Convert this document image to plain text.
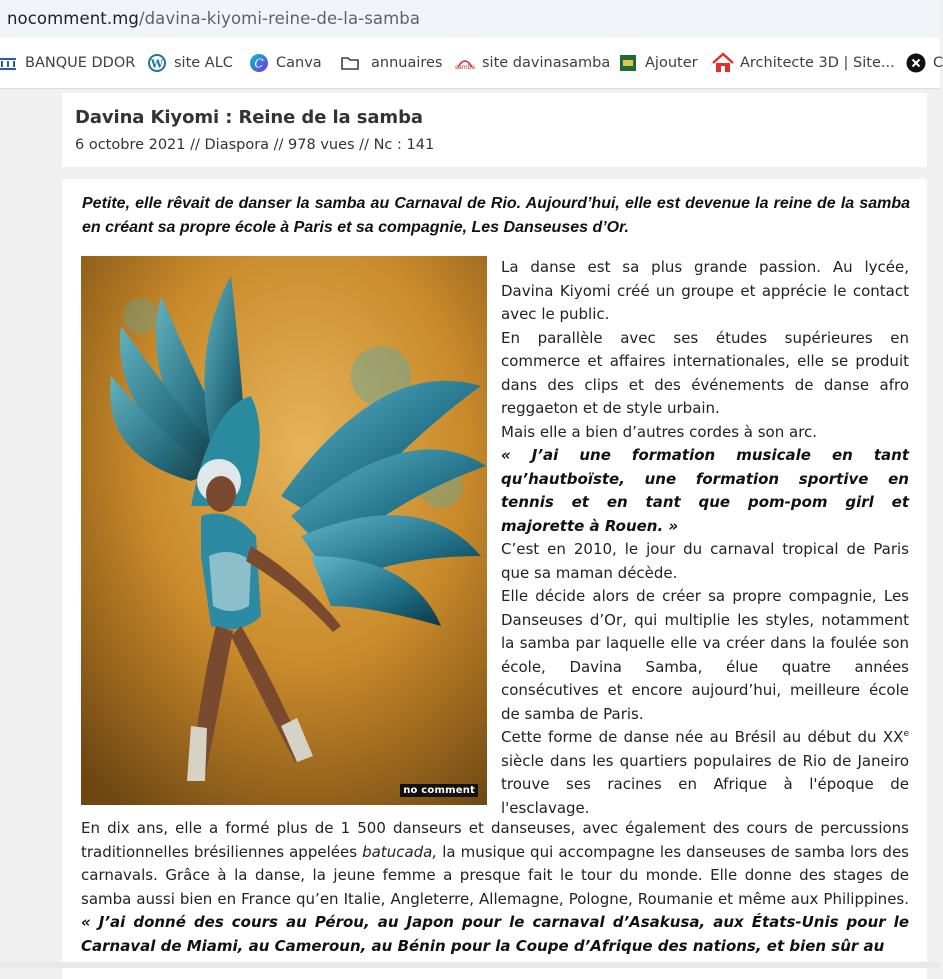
nocomment.mg/davina-kiyomi-reine-de-la-samba
BANQUE DDOR W site ALC C Canva	annuaires samba site davinasamba Ajouter	Architecte 3D | Site...	C
Davina Kiyomi : Reine de la samba
6 octobre 2021 // Diaspora // 978 vues // Nc : 141
Petite, elle rêvait de danser la samba au Carnaval de Rio. Aujourd’hui, elle est devenue la reine de la samba en créant sa propre école à Paris et sa compagnie, Les Danseuses d’Or.
no comment

La danse est sa plus grande passion. Au lycée, Davina Kiyomi créé un groupe et apprécie le contact avec le public.

En parallèle avec ses études supérieures en commerce et affaires internationales, elle se produit dans des clips et des événements de danse afro reggaeton et de style urbain.

Mais elle a bien d’autres cordes à son arc.

« J’ai une formation musicale en tant qu’hautboïste, une formation sportive en tennis et en tant que pom-pom girl et majorette à Rouen. »

C’est en 2010, le jour du carnaval tropical de Paris que sa maman décède.

Elle décide alors de créer sa propre compagnie, Les Danseuses d’Or, qui multiplie les styles, notamment la samba par laquelle elle va créer dans la foulée son école, Davina Samba, élue quatre années consécutives et encore aujourd’hui, meilleure école de samba de Paris.

Cette forme de danse née au Brésil au début du XXe siècle dans les quartiers populaires de Rio de Janeiro trouve ses racines en Afrique à l'époque de l'esclavage.

En dix ans, elle a formé plus de 1 500 danseurs et danseuses, avec également des cours de percussions traditionnelles brésiliennes appelées batucada, la musique qui accompagne les danseuses de samba lors des carnavals. Grâce à la danse, la jeune femme a presque fait le tour du monde. Elle donne des stages de samba aussi bien en France qu’en Italie, Angleterre, Allemagne, Pologne, Roumanie et même aux Philippines. « J’ai donné des cours au Pérou, au Japon pour le carnaval d’Asakusa, aux États-Unis pour le Carnaval de Miami, au Cameroun, au Bénin pour la Coupe d’Afrique des nations, et bien sûr au
